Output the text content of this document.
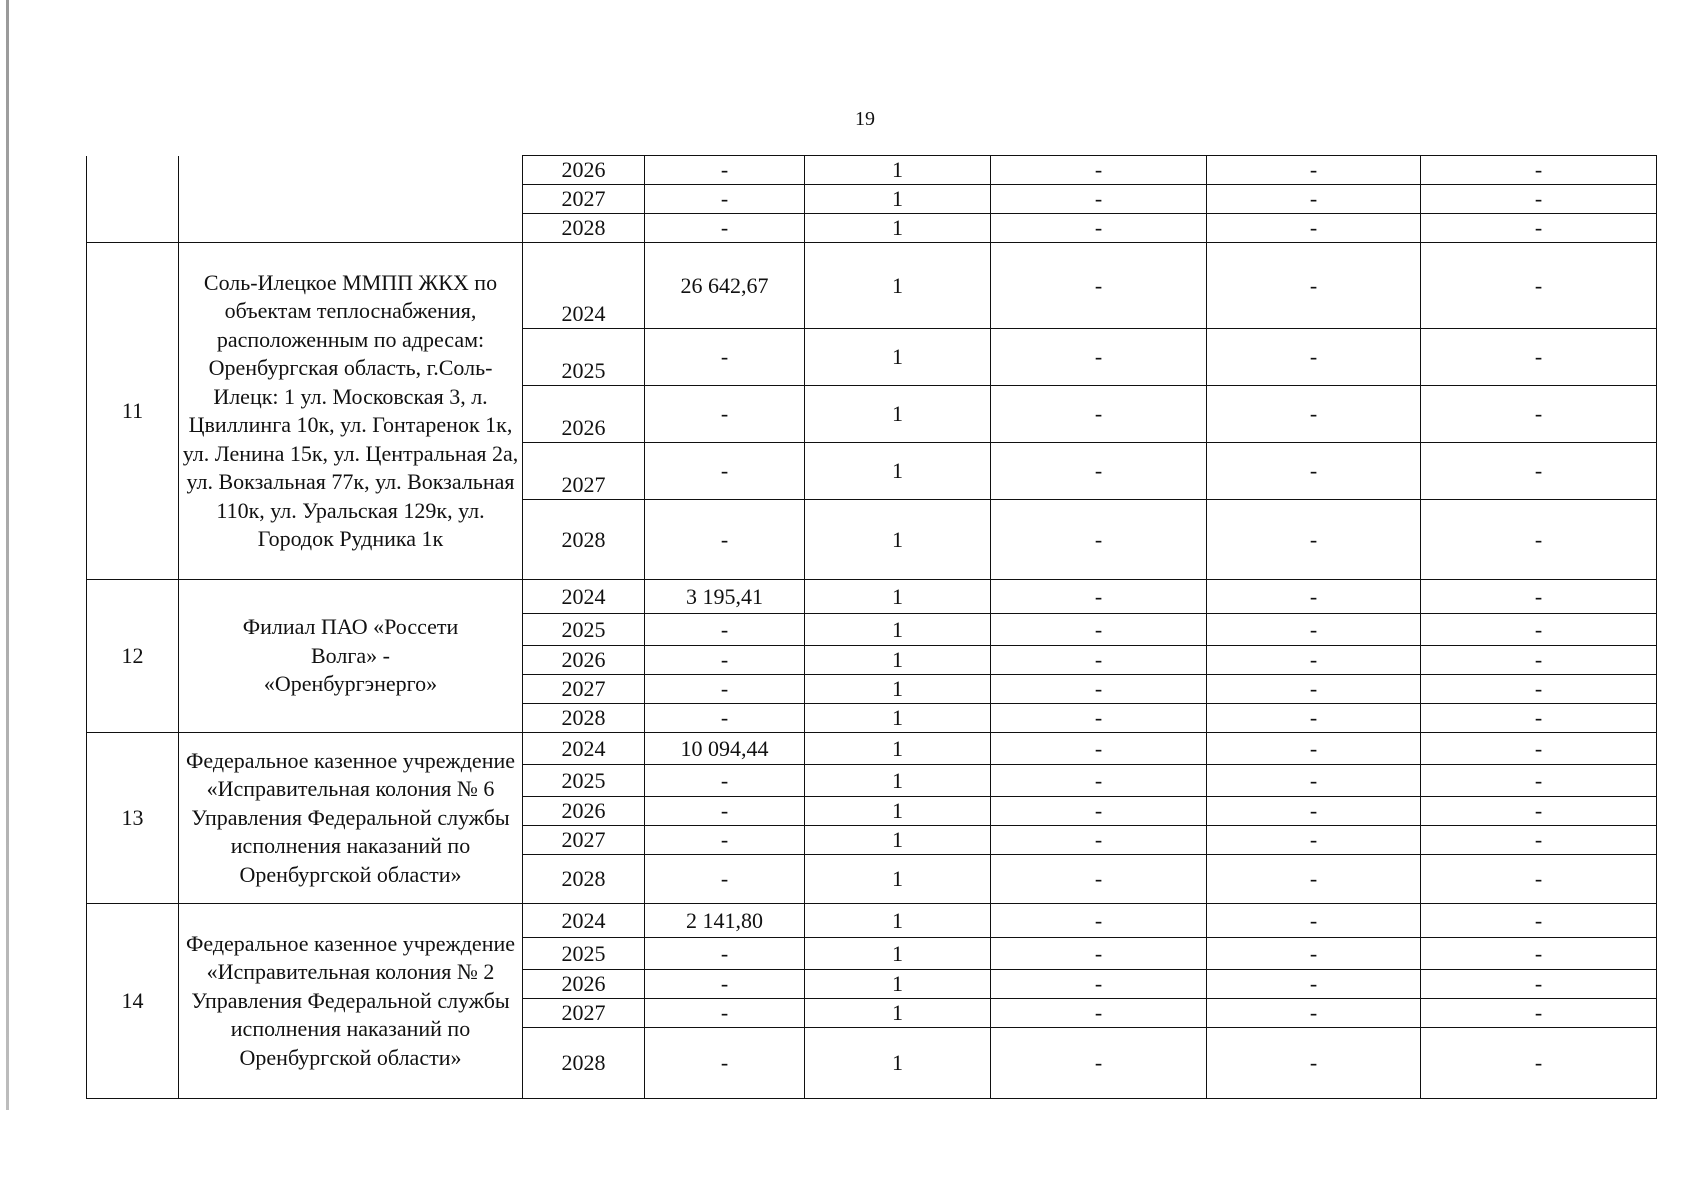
19
		2026	-	1	-	-	-
		2027	-	1	-	-	-
		2028	-	1	-	-	-
11	Соль-Илецкое ММПП ЖКХ по объектам теплоснабжения, расположенным по адресам: Оренбургская область, г.Соль-Илецк: 1 ул. Московская 3, л. Цвиллинга 10к, ул. Гонтаренок 1к, ул. Ленина 15к, ул. Центральная 2а, ул. Вокзальная 77к, ул. Вокзальная 110к, ул. Уральская 129к, ул. Городок Рудника 1к	2024	26 642,67	1	-	-	-
		2025	-	1	-	-	-
		2026	-	1	-	-	-
		2027	-	1	-	-	-
		2028	-	1	-	-	-
12	Филиал ПАО «Россети Волга» - «Оренбургэнерго»	2024	3 195,41	1	-	-	-
		2025	-	1	-	-	-
		2026	-	1	-	-	-
		2027	-	1	-	-	-
		2028	-	1	-	-	-
13	Федеральное казенное учреждение «Исправительная колония № 6 Управления Федеральной службы исполнения наказаний по Оренбургской области»	2024	10 094,44	1	-	-	-
		2025	-	1	-	-	-
		2026	-	1	-	-	-
		2027	-	1	-	-	-
		2028	-	1	-	-	-
14	Федеральное казенное учреждение «Исправительная колония № 2 Управления Федеральной службы исполнения наказаний по Оренбургской области»	2024	2 141,80	1	-	-	-
		2025	-	1	-	-	-
		2026	-	1	-	-	-
		2027	-	1	-	-	-
		2028	-	1	-	-	-
